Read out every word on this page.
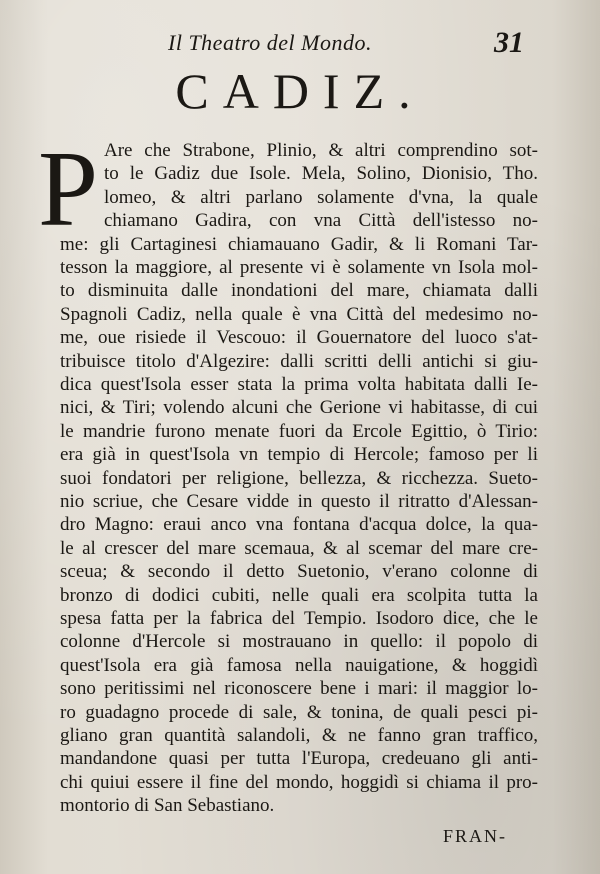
Il Theatro del Mondo.	31
CADIZ.
P Are che Strabone, Plinio, & altri comprendino sot-
to le Gadiz due Isole. Mela, Solino, Dionisio, Tho.
lomeo, & altri parlano solamente d'vna, la quale
chiamano Gadira, con vna Città dell'istesso no-
me: gli Cartaginesi chiamauano Gadir, & li Romani Tar-
tesson la maggiore, al presente vi è solamente vn Isola mol-
to disminuita dalle inondationi del mare, chiamata dalli
Spagnoli Cadiz, nella quale è vna Città del medesimo no-
me, oue risiede il Vescouo: il Gouernatore del luoco s'at-
tribuisce titolo d'Algezire: dalli scritti delli antichi si giu-
dica quest'Isola esser stata la prima volta habitata dalli Ie-
nici, & Tiri; volendo alcuni che Gerione vi habitasse, di cui
le mandrie furono menate fuori da Ercole Egittio, ò Tirio:
era già in quest'Isola vn tempio di Hercole; famoso per li
suoi fondatori per religione, bellezza, & ricchezza. Sueto-
nio scriue, che Cesare vidde in questo il ritratto d'Alessan-
dro Magno: eraui anco vna fontana d'acqua dolce, la qua-
le al crescer del mare scemaua, & al scemar del mare cre-
sceua; & secondo il detto Suetonio, v'erano colonne di
bronzo di dodici cubiti, nelle quali era scolpita tutta la
spesa fatta per la fabrica del Tempio. Isodoro dice, che le
colonne d'Hercole si mostrauano in quello: il popolo di
quest'Isola era già famosa nella nauigatione, & hoggidì
sono peritissimi nel riconoscere bene i mari: il maggior lo-
ro guadagno procede di sale, & tonina, de quali pesci pi-
gliano gran quantità salandoli, & ne fanno gran traffico,
mandandone quasi per tutta l'Europa, credeuano gli anti-
chi quiui essere il fine del mondo, hoggidì si chiama il pro-
montorio di San Sebastiano.
FRAN-
